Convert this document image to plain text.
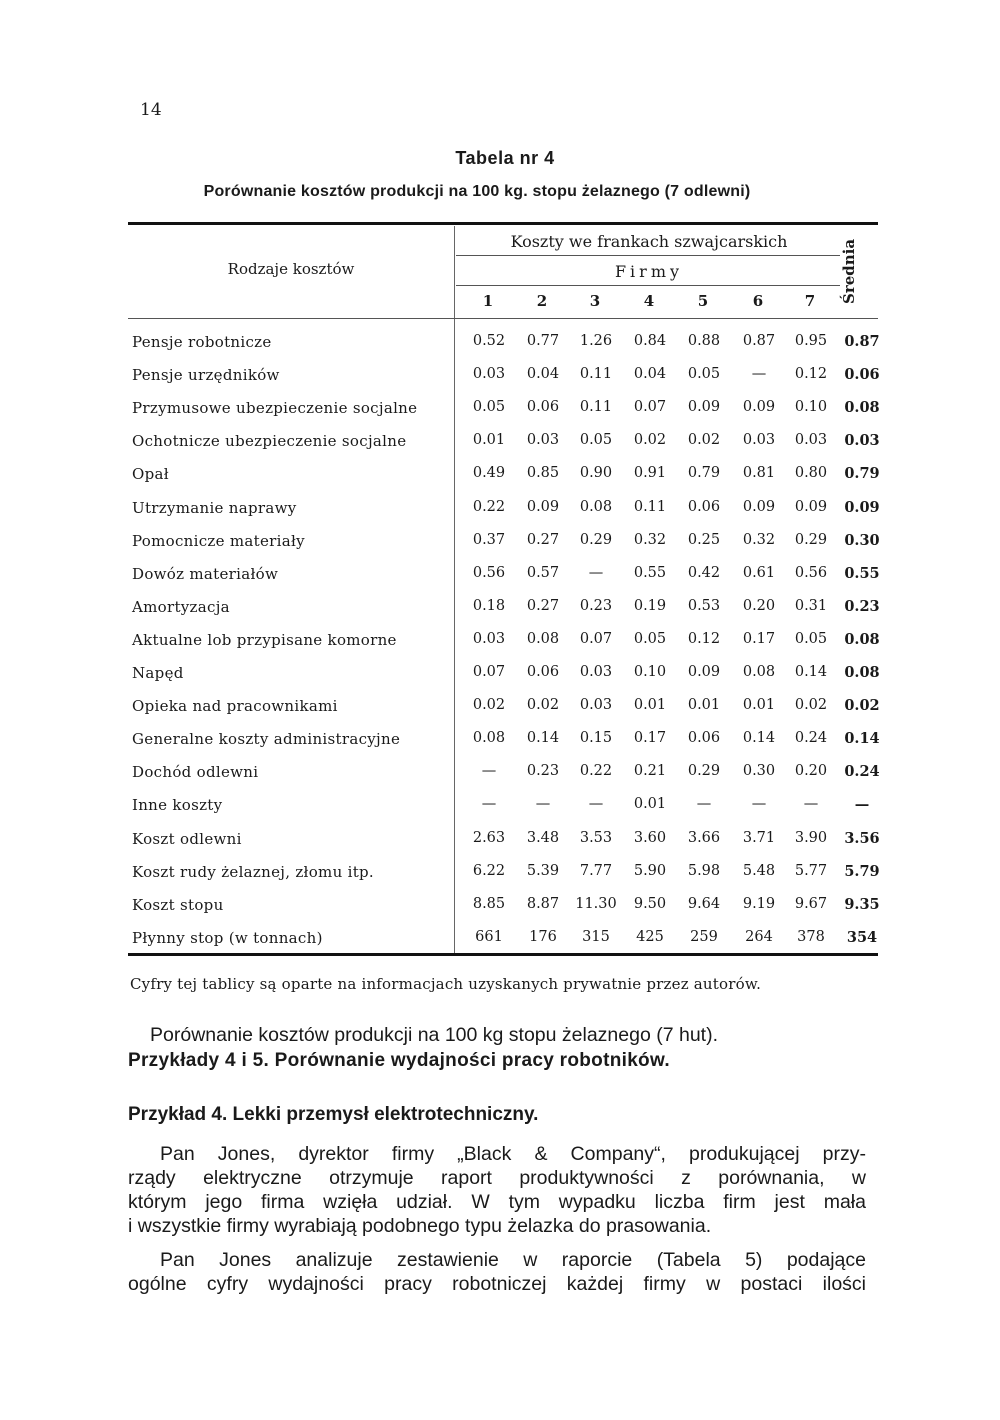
14
Tabela nr 4
Porównanie kosztów produkcji na 100 kg. stopu żelaznego (7 odlewni)
Rodzaje kosztów
Koszty we frankach szwajcarskich
Firmy
1	2	3	4	5	6	7	Średnia
Pensje robotnicze	0.52	0.77	1.26	0.84	0.88	0.87	0.95	0.87
Pensje urzędników	0.03	0.04	0.11	0.04	0.05	—	0.12	0.06
Przymusowe ubezpieczenie socjalne	0.05	0.06	0.11	0.07	0.09	0.09	0.10	0.08
Ochotnicze ubezpieczenie socjalne	0.01	0.03	0.05	0.02	0.02	0.03	0.03	0.03
Opał	0.49	0.85	0.90	0.91	0.79	0.81	0.80	0.79
Utrzymanie naprawy	0.22	0.09	0.08	0.11	0.06	0.09	0.09	0.09
Pomocnicze materiały	0.37	0.27	0.29	0.32	0.25	0.32	0.29	0.30
Dowóz materiałów	0.56	0.57	—	0.55	0.42	0.61	0.56	0.55
Amortyzacja	0.18	0.27	0.23	0.19	0.53	0.20	0.31	0.23
Aktualne lob przypisane komorne	0.03	0.08	0.07	0.05	0.12	0.17	0.05	0.08
Napęd	0.07	0.06	0.03	0.10	0.09	0.08	0.14	0.08
Opieka nad pracownikami	0.02	0.02	0.03	0.01	0.01	0.01	0.02	0.02
Generalne koszty administracyjne	0.08	0.14	0.15	0.17	0.06	0.14	0.24	0.14
Dochód odlewni	—	0.23	0.22	0.21	0.29	0.30	0.20	0.24
Inne koszty	—	—	—	0.01	—	—	—	—
Koszt odlewni	2.63	3.48	3.53	3.60	3.66	3.71	3.90	3.56
Koszt rudy żelaznej, złomu itp.	6.22	5.39	7.77	5.90	5.98	5.48	5.77	5.79
Koszt stopu	8.85	8.87	11.30	9.50	9.64	9.19	9.67	9.35
Płynny stop (w tonnach)	661	176	315	425	259	264	378	354
Cyfry tej tablicy są oparte na informacjach uzyskanych prywatnie przez autorów.
Porównanie kosztów produkcji na 100 kg stopu żelaznego (7 hut).
Przykłady 4 i 5. Porównanie wydajności pracy robotników.
Przykład 4. Lekki przemysł elektrotechniczny.
Pan Jones, dyrektor firmy „Black & Company“, produkującej przy-
rządy elektryczne otrzymuje raport produktywności z porównania, w
którym jego firma wzięła udział. W tym wypadku liczba firm jest mała
i wszystkie firmy wyrabiają podobnego typu żelazka do prasowania.
Pan Jones analizuje zestawienie w raporcie (Tabela 5) podające
ogólne cyfry wydajności pracy robotniczej każdej firmy w postaci ilości
